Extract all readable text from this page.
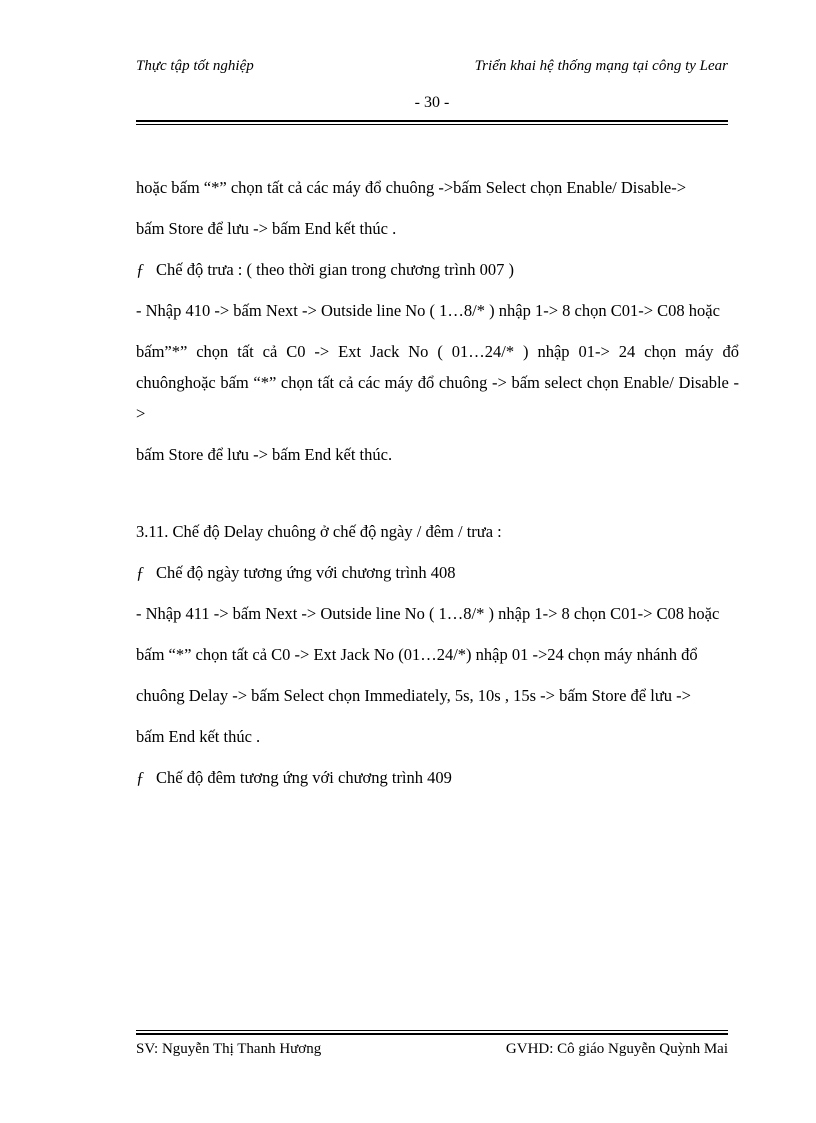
Thực tập tốt nghiệp	Triển khai hệ thống mạng tại công ty Lear
- 30 -

hoặc bấm “*” chọn tất cả các máy đổ chuông ->bấm Select chọn Enable/ Disable->

bấm Store để lưu -> bấm End kết thúc .

ƒ Chế độ trưa : ( theo thời gian trong chương trình 007 )

- Nhập 410 -> bấm Next -> Outside line No ( 1…8/* ) nhập 1-> 8 chọn C01-> C08 hoặc

bấm”*” chọn tất cả C0 -> Ext Jack No ( 01…24/* ) nhập 01-> 24 chọn máy đổ chuônghoặc bấm “*” chọn tất cả các máy đổ chuông -> bấm select chọn Enable/ Disable ->

bấm Store để lưu -> bấm End kết thúc.

3.11. Chế độ Delay chuông ở chế độ ngày / đêm / trưa :

ƒ Chế độ ngày tương ứng với chương trình 408

- Nhập 411 -> bấm Next -> Outside line No ( 1…8/* ) nhập 1-> 8 chọn C01-> C08 hoặc

bấm “*” chọn tất cả C0 -> Ext Jack No (01…24/*) nhập 01 ->24 chọn máy nhánh đổ

chuông Delay -> bấm Select chọn Immediately, 5s, 10s , 15s -> bấm Store để lưu ->

bấm End kết thúc .

ƒ Chế độ đêm tương ứng với chương trình 409

SV: Nguyễn Thị Thanh Hương	GVHD: Cô giáo Nguyễn Quỳnh Mai
